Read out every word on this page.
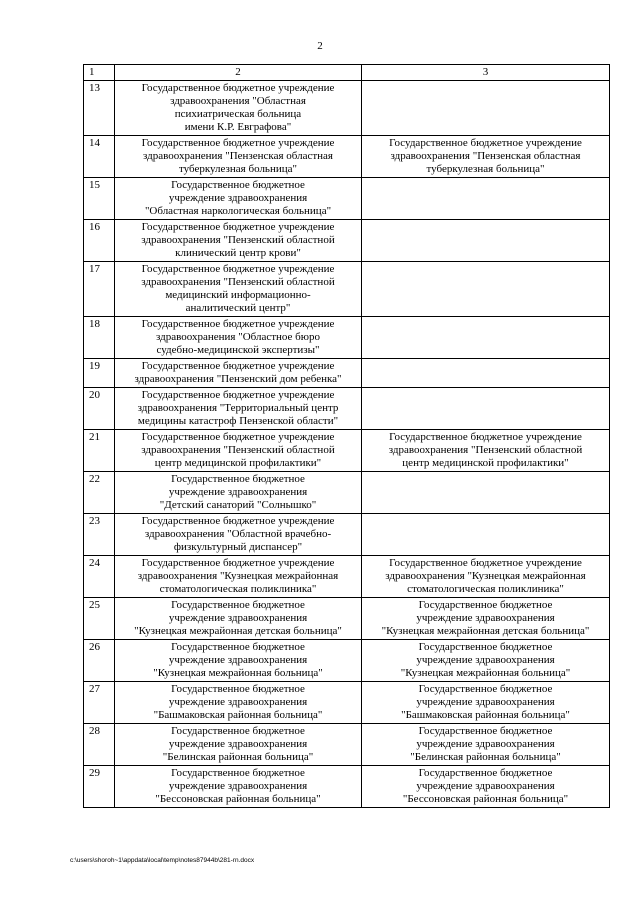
2
1	2	3
13	Государственное бюджетное учреждение
здравоохранения "Областная
психиатрическая больница
имени К.Р. Евграфова"	

14	Государственное бюджетное учреждение
здравоохранения "Пензенская областная
туберкулезная больница"	Государственное бюджетное учреждение
здравоохранения "Пензенская областная
туберкулезная больница"

15	Государственное бюджетное
учреждение здравоохранения
"Областная наркологическая больница"	

16	Государственное бюджетное учреждение
здравоохранения "Пензенский областной
клинический центр крови"	

17	Государственное бюджетное учреждение
здравоохранения "Пензенский областной
медицинский информационно-
аналитический центр"	

18	Государственное бюджетное учреждение
здравоохранения "Областное бюро
судебно-медицинской экспертизы"	

19	Государственное бюджетное учреждение
здравоохранения "Пензенский дом ребенка"	

20	Государственное бюджетное учреждение
здравоохранения "Территориальный центр
медицины катастроф Пензенской области"	

21	Государственное бюджетное учреждение
здравоохранения "Пензенский областной
центр медицинской профилактики"	Государственное бюджетное учреждение
здравоохранения "Пензенский областной
центр медицинской профилактики"

22	Государственное бюджетное
учреждение здравоохранения
"Детский санаторий "Солнышко"	

23	Государственное бюджетное учреждение
здравоохранения "Областной врачебно-
физкультурный диспансер"	

24	Государственное бюджетное учреждение
здравоохранения "Кузнецкая межрайонная
стоматологическая поликлиника"	Государственное бюджетное учреждение
здравоохранения "Кузнецкая межрайонная
стоматологическая поликлиника"

25	Государственное бюджетное
учреждение здравоохранения
"Кузнецкая межрайонная детская больница"	Государственное бюджетное
учреждение здравоохранения
"Кузнецкая межрайонная детская больница"

26	Государственное бюджетное
учреждение здравоохранения
"Кузнецкая межрайонная больница"	Государственное бюджетное
учреждение здравоохранения
"Кузнецкая межрайонная больница"

27	Государственное бюджетное
учреждение здравоохранения
"Башмаковская районная больница"	Государственное бюджетное
учреждение здравоохранения
"Башмаковская районная больница"

28	Государственное бюджетное
учреждение здравоохранения
"Белинская районная больница"	Государственное бюджетное
учреждение здравоохранения
"Белинская районная больница"

29	Государственное бюджетное
учреждение здравоохранения
"Бессоновская районная больница"	Государственное бюджетное
учреждение здравоохранения
"Бессоновская районная больница"
c:\users\shoroh~1\appdata\local\temp\notes87944b\281-rn.docx
